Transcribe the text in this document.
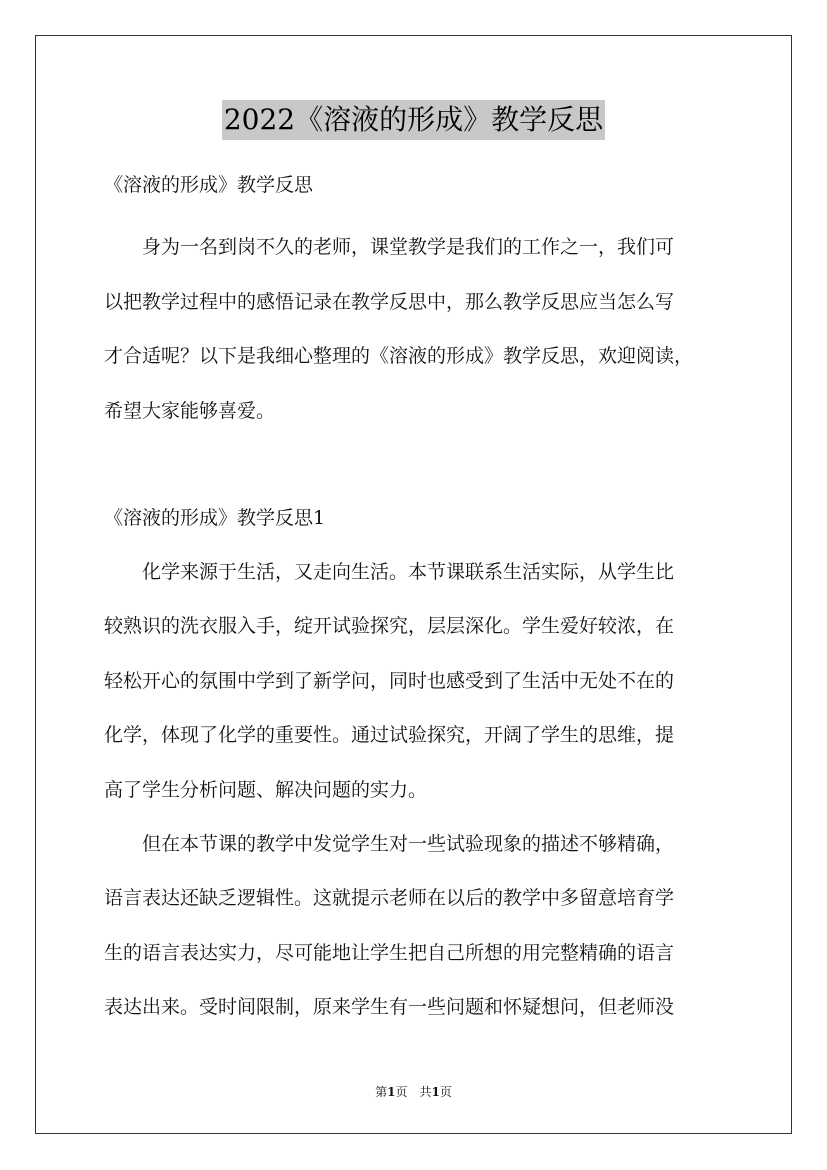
2022《溶液的形成》教学反思
《溶液的形成》教学反思
　　身为一名到岗不久的老师，课堂教学是我们的工作之一，我们可
以把教学过程中的感悟记录在教学反思中，那么教学反思应当怎么写
才合适呢？以下是我细心整理的《溶液的形成》教学反思，欢迎阅读，
希望大家能够喜爱。
《溶液的形成》教学反思1
　　化学来源于生活，又走向生活。本节课联系生活实际，从学生比
较熟识的洗衣服入手，绽开试验探究，层层深化。学生爱好较浓，在
轻松开心的氛围中学到了新学问，同时也感受到了生活中无处不在的
化学，体现了化学的重要性。通过试验探究，开阔了学生的思维，提
高了学生分析问题、解决问题的实力。
　　但在本节课的教学中发觉学生对一些试验现象的描述不够精确，
语言表达还缺乏逻辑性。这就提示老师在以后的教学中多留意培育学
生的语言表达实力，尽可能地让学生把自己所想的用完整精确的语言
表达出来。受时间限制，原来学生有一些问题和怀疑想问，但老师没
第1页　共1页
